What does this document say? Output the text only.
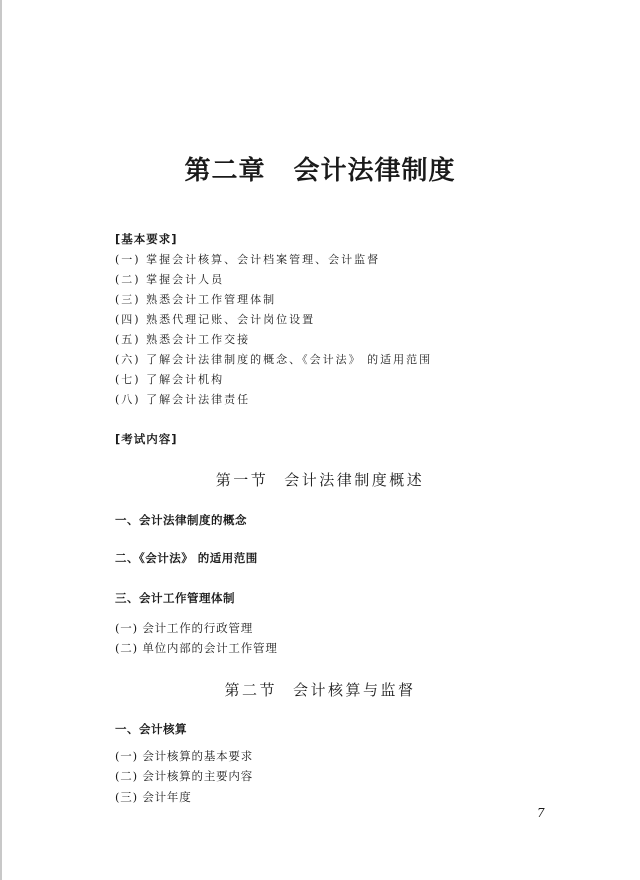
第二章 会计法律制度
[基本要求]
(一) 掌握会计核算、会计档案管理、会计监督
(二) 掌握会计人员
(三) 熟悉会计工作管理体制
(四) 熟悉代理记账、会计岗位设置
(五) 熟悉会计工作交接
(六) 了解会计法律制度的概念、《会计法》 的适用范围
(七) 了解会计机构
(八) 了解会计法律责任
[考试内容]
第一节 会计法律制度概述
一、会计法律制度的概念
二、《会计法》 的适用范围
三、会计工作管理体制
(一) 会计工作的行政管理
(二) 单位内部的会计工作管理
第二节 会计核算与监督
一、会计核算
(一) 会计核算的基本要求
(二) 会计核算的主要内容
(三) 会计年度
7
